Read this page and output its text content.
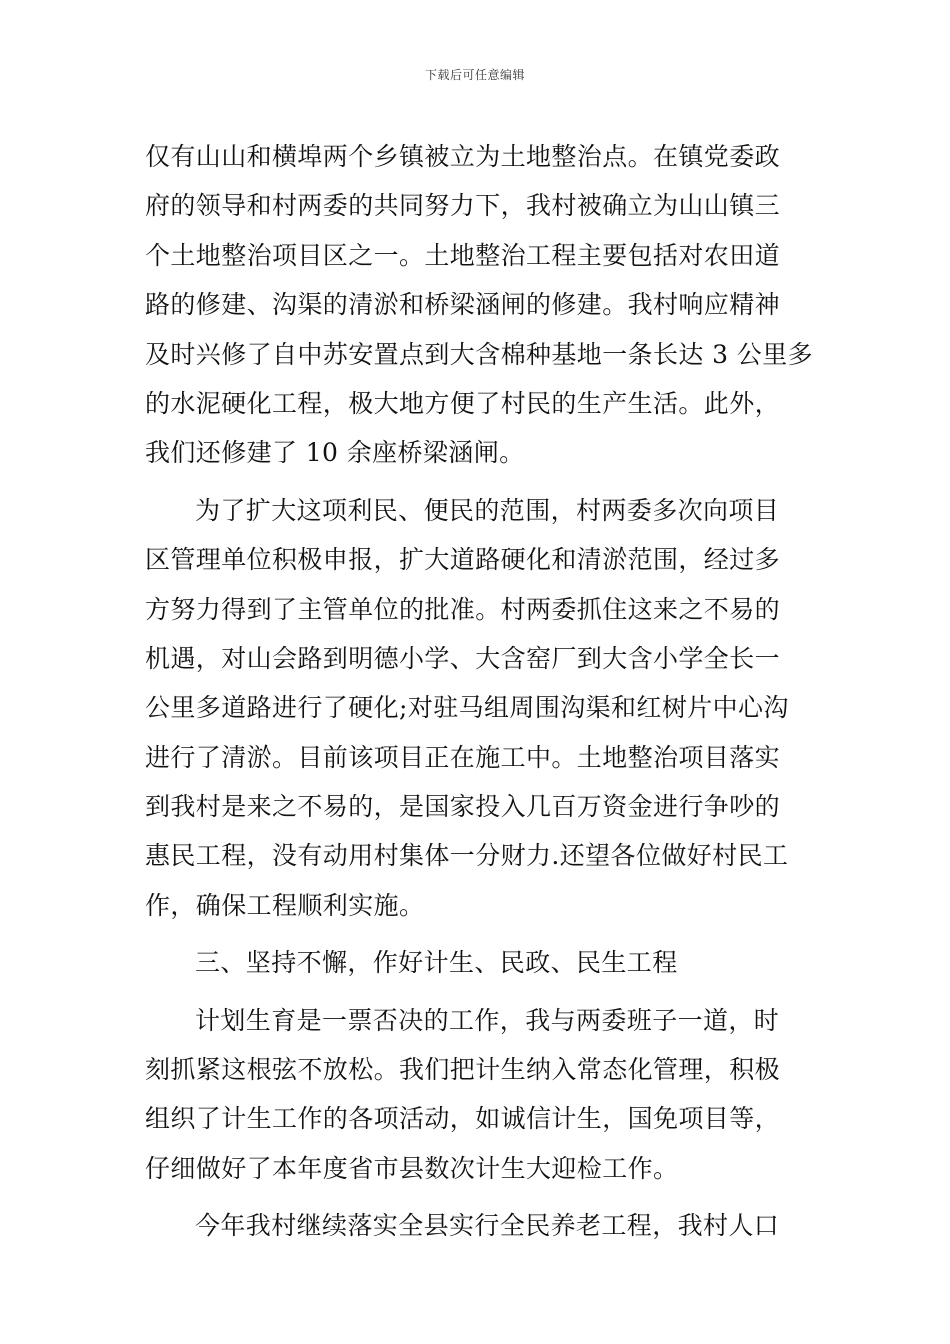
下载后可任意编辑
仅有山山和横埠两个乡镇被立为土地整治点。在镇党委政
府的领导和村两委的共同努力下，我村被确立为山山镇三
个土地整治项目区之一。土地整治工程主要包括对农田道
路的修建、沟渠的清淤和桥梁涵闸的修建。我村响应精神
及时兴修了自中苏安置点到大含棉种基地一条长达 3 公里多
的水泥硬化工程，极大地方便了村民的生产生活。此外，
我们还修建了 10 余座桥梁涵闸。
为了扩大这项利民、便民的范围，村两委多次向项目
区管理单位积极申报，扩大道路硬化和清淤范围，经过多
方努力得到了主管单位的批准。村两委抓住这来之不易的
机遇，对山会路到明德小学、大含窑厂到大含小学全长一
公里多道路进行了硬化;对驻马组周围沟渠和红树片中心沟
进行了清淤。目前该项目正在施工中。土地整治项目落实
到我村是来之不易的，是国家投入几百万资金进行争吵的
惠民工程，没有动用村集体一分财力.还望各位做好村民工
作，确保工程顺利实施。
三、坚持不懈，作好计生、民政、民生工程
计划生育是一票否决的工作，我与两委班子一道，时
刻抓紧这根弦不放松。我们把计生纳入常态化管理，积极
组织了计生工作的各项活动，如诚信计生，国免项目等，
仔细做好了本年度省市县数次计生大迎检工作。
今年我村继续落实全县实行全民养老工程，我村人口
